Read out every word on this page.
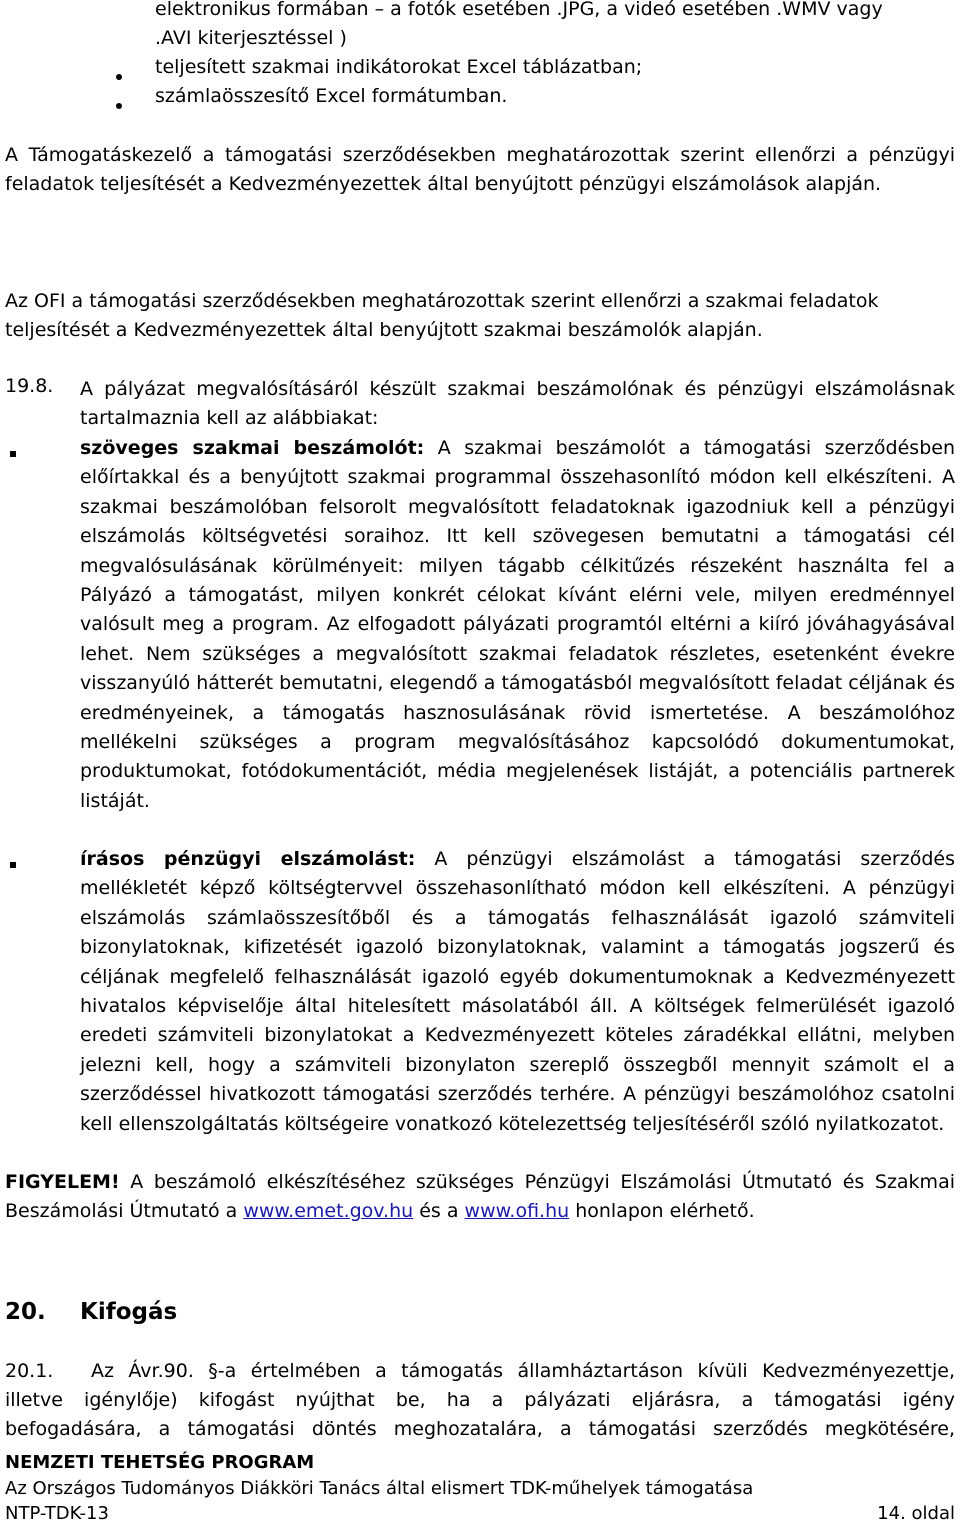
elektronikus formában – a fotók esetében .JPG, a videó esetében .WMV vagy
.AVI kiterjesztéssel )
teljesített szakmai indikátorokat Excel táblázatban;
számlaösszesítő Excel formátumban.

A Támogatáskezelő a támogatási szerződésekben meghatározottak szerint ellenőrzi a pénzügyi feladatok teljesítését a Kedvezményezettek által benyújtott pénzügyi elszámolások alapján.

Az OFI a támogatási szerződésekben meghatározottak szerint ellenőrzi a szakmai feladatok teljesítését a Kedvezményezettek által benyújtott szakmai beszámolók alapján.

19.8. A pályázat megvalósításáról készült szakmai beszámolónak és pénzügyi elszámolásnak tartalmaznia kell az alábbiakat:

szöveges szakmai beszámolót: A szakmai beszámolót a támogatási szerződésben előírtakkal és a benyújtott szakmai programmal összehasonlító módon kell elkészíteni. A szakmai beszámolóban felsorolt megvalósított feladatoknak igazodniuk kell a pénzügyi elszámolás költségvetési soraihoz. Itt kell szövegesen bemutatni a támogatási cél megvalósulásának körülményeit: milyen tágabb célkitűzés részeként használta fel a Pályázó a támogatást, milyen konkrét célokat kívánt elérni vele, milyen eredménnyel valósult meg a program. Az elfogadott pályázati programtól eltérni a kiíró jóváhagyásával lehet. Nem szükséges a megvalósított szakmai feladatok részletes, esetenként évekre visszanyúló hátterét bemutatni, elegendő a támogatásból megvalósított feladat céljának és eredményeinek, a támogatás hasznosulásának rövid ismertetése. A beszámolóhoz mellékelni szükséges a program megvalósításához kapcsolódó dokumentumokat, produktumokat, fotódokumentációt, média megjelenések listáját, a potenciális partnerek listáját.

írásos pénzügyi elszámolást: A pénzügyi elszámolást a támogatási szerződés mellékletét képző költségtervvel összehasonlítható módon kell elkészíteni. A pénzügyi elszámolás számlaösszesítőből és a támogatás felhasználását igazoló számviteli bizonylatoknak, kifizetését igazoló bizonylatoknak, valamint a támogatás jogszerű és céljának megfelelő felhasználását igazoló egyéb dokumentumoknak a Kedvezményezett hivatalos képviselője által hitelesített másolatából áll. A költségek felmerülését igazoló eredeti számviteli bizonylatokat a Kedvezményezett köteles záradékkal ellátni, melyben jelezni kell, hogy a számviteli bizonylaton szereplő összegből mennyit számolt el a szerződéssel hivatkozott támogatási szerződés terhére. A pénzügyi beszámolóhoz csatolni kell ellenszolgáltatás költségeire vonatkozó kötelezettség teljesítéséről szóló nyilatkozatot.

FIGYELEM! A beszámoló elkészítéséhez szükséges Pénzügyi Elszámolási Útmutató és Szakmai Beszámolási Útmutató a www.emet.gov.hu és a www.ofi.hu honlapon elérhető.

20. Kifogás
20.1. Az Ávr.90. §-a értelmében a támogatás államháztartáson kívüli Kedvezményezettje,
illetve igénylője) kifogást nyújthat be, ha a pályázati eljárásra, a támogatási igény
befogadására, a támogatási döntés meghozatalára, a támogatási szerződés megkötésére,
NEMZETI TEHETSÉG PROGRAM
Az Országos Tudományos Diákköri Tanács által elismert TDK-műhelyek támogatása
NTP-TDK-13	14. oldal
